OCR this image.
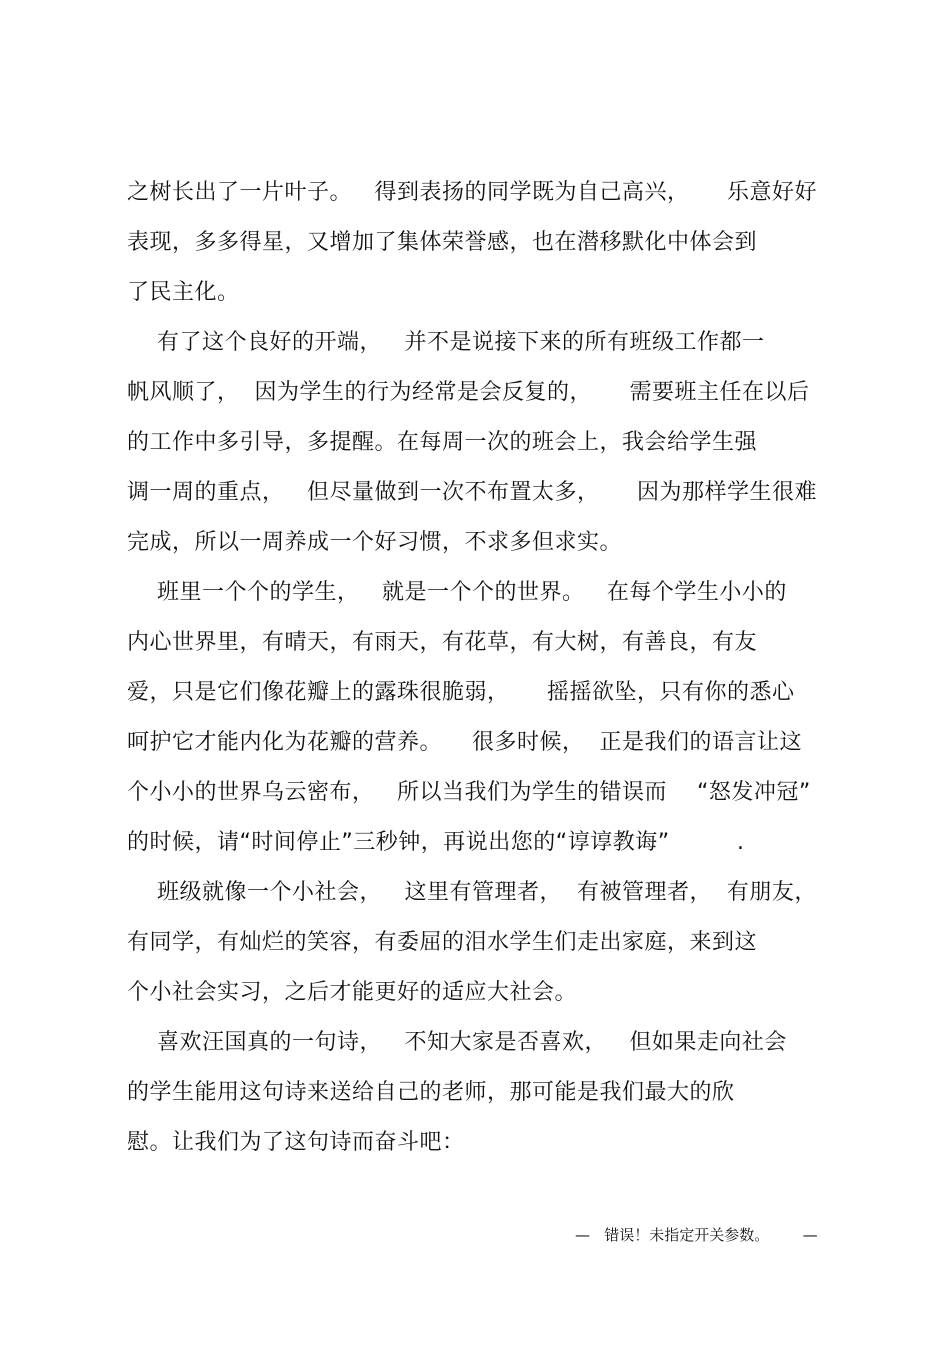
之树长出了一片叶子。   得到表扬的同学既为自己高兴，     乐意好好
表现，多多得星，又增加了集体荣誉感，也在潜移默化中体会到
了民主化。
有了这个良好的开端，   并不是说接下来的所有班级工作都一
帆风顺了，  因为学生的行为经常是会反复的，     需要班主任在以后
的工作中多引导，多提醒。在每周一次的班会上，我会给学生强
调一周的重点，   但尽量做到一次不布置太多，     因为那样学生很难
完成，所以一周养成一个好习惯，不求多但求实。
班里一个个的学生，   就是一个个的世界。   在每个学生小小的
内心世界里，有晴天，有雨天，有花草，有大树，有善良，有友
爱，只是它们像花瓣上的露珠很脆弱，     摇摇欲坠，只有你的悉心
呵护它才能内化为花瓣的营养。    很多时候，  正是我们的语言让这
个小小的世界乌云密布，   所以当我们为学生的错误而    “怒发冲冠”
的时候，请“时间停止”三秒钟，再说出您的“谆谆教诲”         .
班级就像一个小社会，   这里有管理者，  有被管理者，  有朋友，
有同学，有灿烂的笑容，有委屈的泪水学生们走出家庭，来到这
个小社会实习，之后才能更好的适应大社会。
喜欢汪国真的一句诗，   不知大家是否喜欢，   但如果走向社会
的学生能用这句诗来送给自己的老师，那可能是我们最大的欣
慰。让我们为了这句诗而奋斗吧：
—   错误！未指定开关参数。       —
